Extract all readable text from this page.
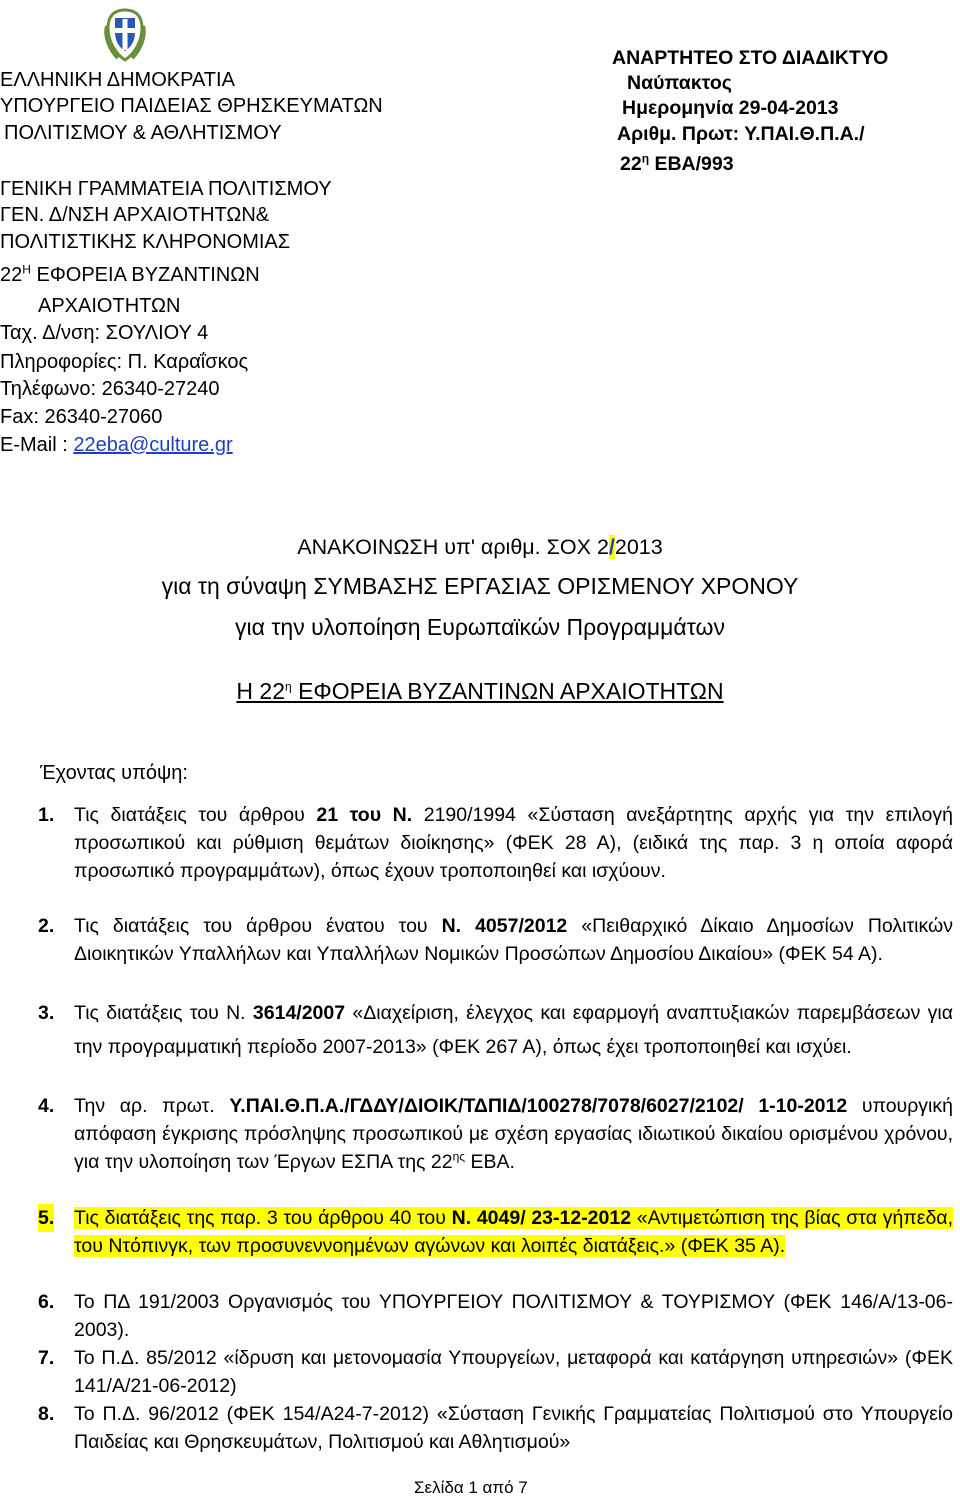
ΕΛΛΗΝΙΚΗ ΔΗΜΟΚΡΑΤΙΑ
ΥΠΟΥΡΓΕΙΟ ΠΑΙΔΕΙΑΣ ΘΡΗΣΚΕΥΜΑΤΩΝ
ΠΟΛΙΤΙΣΜΟΥ & ΑΘΛΗΤΙΣΜΟΥ
ΓΕΝΙΚΗ ΓΡΑΜΜΑΤΕΙΑ ΠΟΛΙΤΙΣΜΟΥ
ΓΕΝ. Δ/ΝΣΗ ΑΡΧΑΙΟΤΗΤΩΝ&
ΠΟΛΙΤΙΣΤΙΚΗΣ ΚΛΗΡΟΝΟΜΙΑΣ
$22^H$ ΕΦΟΡΕΙΑ ΒΥΖΑΝΤΙΝΩΝ
ΑΡΧΑΙΟΤΗΤΩΝ
Ταχ. Δ/νση: ΣΟΥΛΙΟΥ 4
Πληροφορίες: Π. Καραΐσκος
Τηλέφωνο: 26340-27240
Fax: 26340-27060
E-Mail : 22eba@culture.gr
ΑΝΑΡΤΗΤΕΟ ΣΤΟ ΔΙΑΔΙΚΤΥΟ
Ναύπακτος
Ημερομηνία 29-04-2013
Αριθμ. Πρωτ: Υ.ΠΑΙ.Θ.Π.Α./
$22^\eta$ ΕΒΑ/993
ΑΝΑΚΟΙΝΩΣΗ υπ' αριθμ. ΣΟΧ 2/2013
για τη σύναψη ΣΥΜΒΑΣΗΣ ΕΡΓΑΣΙΑΣ ΟΡΙΣΜΕΝΟΥ ΧΡΟΝΟΥ
για την υλοποίηση Ευρωπαϊκών Προγραμμάτων
Η $22^\eta$ ΕΦΟΡΕΙΑ ΒΥΖΑΝΤΙΝΩΝ ΑΡΧΑΙΟΤΗΤΩΝ
Έχοντας υπόψη:
1. Τις διατάξεις του άρθρου 21 του Ν. 2190/1994 «Σύσταση ανεξάρτητης αρχής για την επιλογή προσωπικού και ρύθμιση θεμάτων διοίκησης» (ΦΕΚ 28 Α), (ειδικά της παρ. 3 η οποία αφορά προσωπικό προγραμμάτων), όπως έχουν τροποποιηθεί και ισχύουν.
2. Τις διατάξεις του άρθρου ένατου του Ν. 4057/2012 «Πειθαρχικό Δίκαιο Δημοσίων Πολιτικών Διοικητικών Υπαλλήλων και Υπαλλήλων Νομικών Προσώπων Δημοσίου Δικαίου» (ΦΕΚ 54 Α).
3. Τις διατάξεις του Ν. 3614/2007 «Διαχείριση, έλεγχος και εφαρμογή αναπτυξιακών παρεμβάσεων για την προγραμματική περίοδο 2007-2013» (ΦΕΚ 267 Α), όπως έχει τροποποιηθεί και ισχύει.
4. Την αρ. πρωτ. Υ.ΠΑΙ.Θ.Π.Α./ΓΔΔΥ/ΔΙΟΙΚ/ΤΔΠΙΔ/100278/7078/6027/2102/ 1-10-2012 υπουργική απόφαση έγκρισης πρόσληψης προσωπικού με σχέση εργασίας ιδιωτικού δικαίου ορισμένου χρόνου, για την υλοποίηση των Έργων ΕΣΠΑ της $22^{\eta\varsigma}$ ΕΒΑ.
5. Τις διατάξεις της παρ. 3 του άρθρου 40 του Ν. 4049/ 23-12-2012 «Αντιμετώπιση της βίας στα γήπεδα, του Ντόπινγκ, των προσυνεννοημένων αγώνων και λοιπές διατάξεις.» (ΦΕΚ 35 Α).
6. Το ΠΔ 191/2003 Οργανισμός του ΥΠΟΥΡΓΕΙΟΥ ΠΟΛΙΤΙΣΜΟΥ & ΤΟΥΡΙΣΜΟΥ (ΦΕΚ 146/Α/13-06-2003).
7. Το Π.Δ. 85/2012 «ίδρυση και μετονομασία Υπουργείων, μεταφορά και κατάργηση υπηρεσιών» (ΦΕΚ 141/Α/21-06-2012)
8. Το Π.Δ. 96/2012 (ΦΕΚ 154/Α24-7-2012) «Σύσταση Γενικής Γραμματείας Πολιτισμού στο Υπουργείο Παιδείας και Θρησκευμάτων, Πολιτισμού και Αθλητισμού»
Σελίδα 1 από 7
